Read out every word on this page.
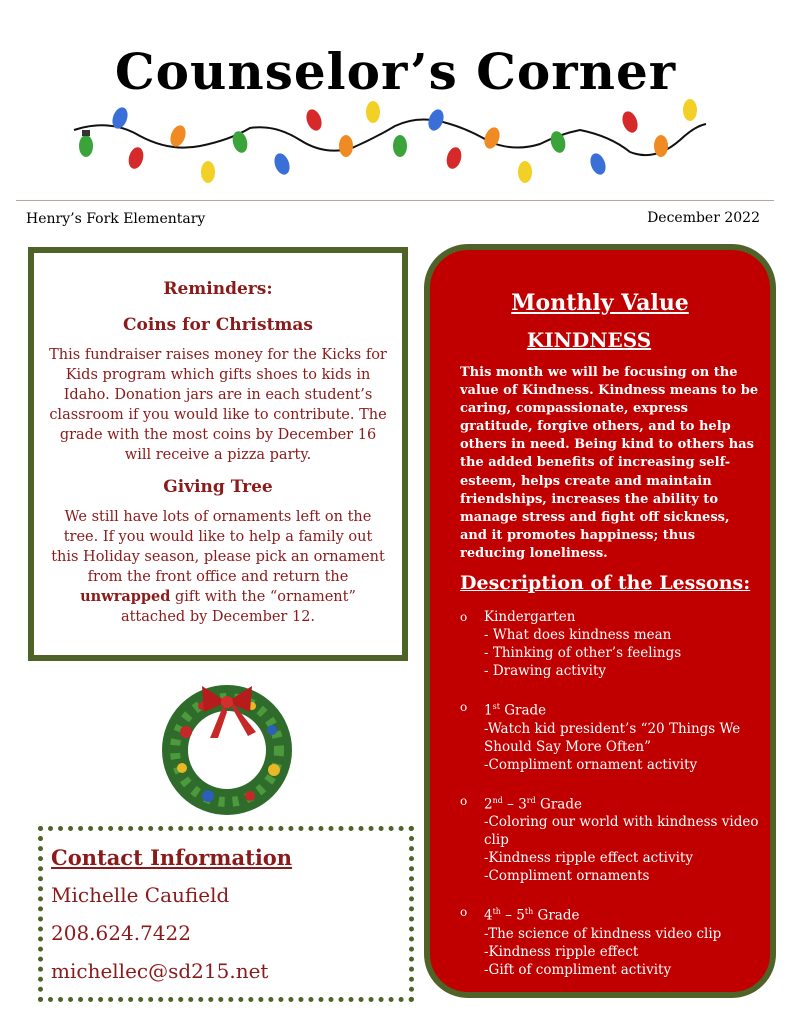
Counselor’s Corner
Henry’s Fork Elementary	December 2022
Reminders:
Coins for Christmas
This fundraiser raises money for the Kicks for Kids program which gifts shoes to kids in Idaho. Donation jars are in each student’s classroom if you would like to contribute. The grade with the most coins by December 16 will receive a pizza party.
Giving Tree
We still have lots of ornaments left on the tree. If you would like to help a family out this Holiday season, please pick an ornament from the front office and return the unwrapped gift with the “ornament” attached by December 12.
Contact Information
Michelle Caufield
208.624.7422
michellec@sd215.net
Monthly Value
KINDNESS
This month we will be focusing on the value of Kindness. Kindness means to be caring, compassionate, express gratitude, forgive others, and to help others in need. Being kind to others has the added benefits of increasing self-esteem, helps create and maintain friendships, increases the ability to manage stress and fight off sickness, and it promotes happiness; thus reducing loneliness.
Description of the Lessons:
o Kindergarten
- What does kindness mean
- Thinking of other’s feelings
- Drawing activity
o 1st Grade
-Watch kid president’s “20 Things We Should Say More Often”
-Compliment ornament activity
o 2nd – 3rd Grade
-Coloring our world with kindness video clip
-Kindness ripple effect activity
-Compliment ornaments
o 4th – 5th Grade
-The science of kindness video clip
-Kindness ripple effect
-Gift of compliment activity
